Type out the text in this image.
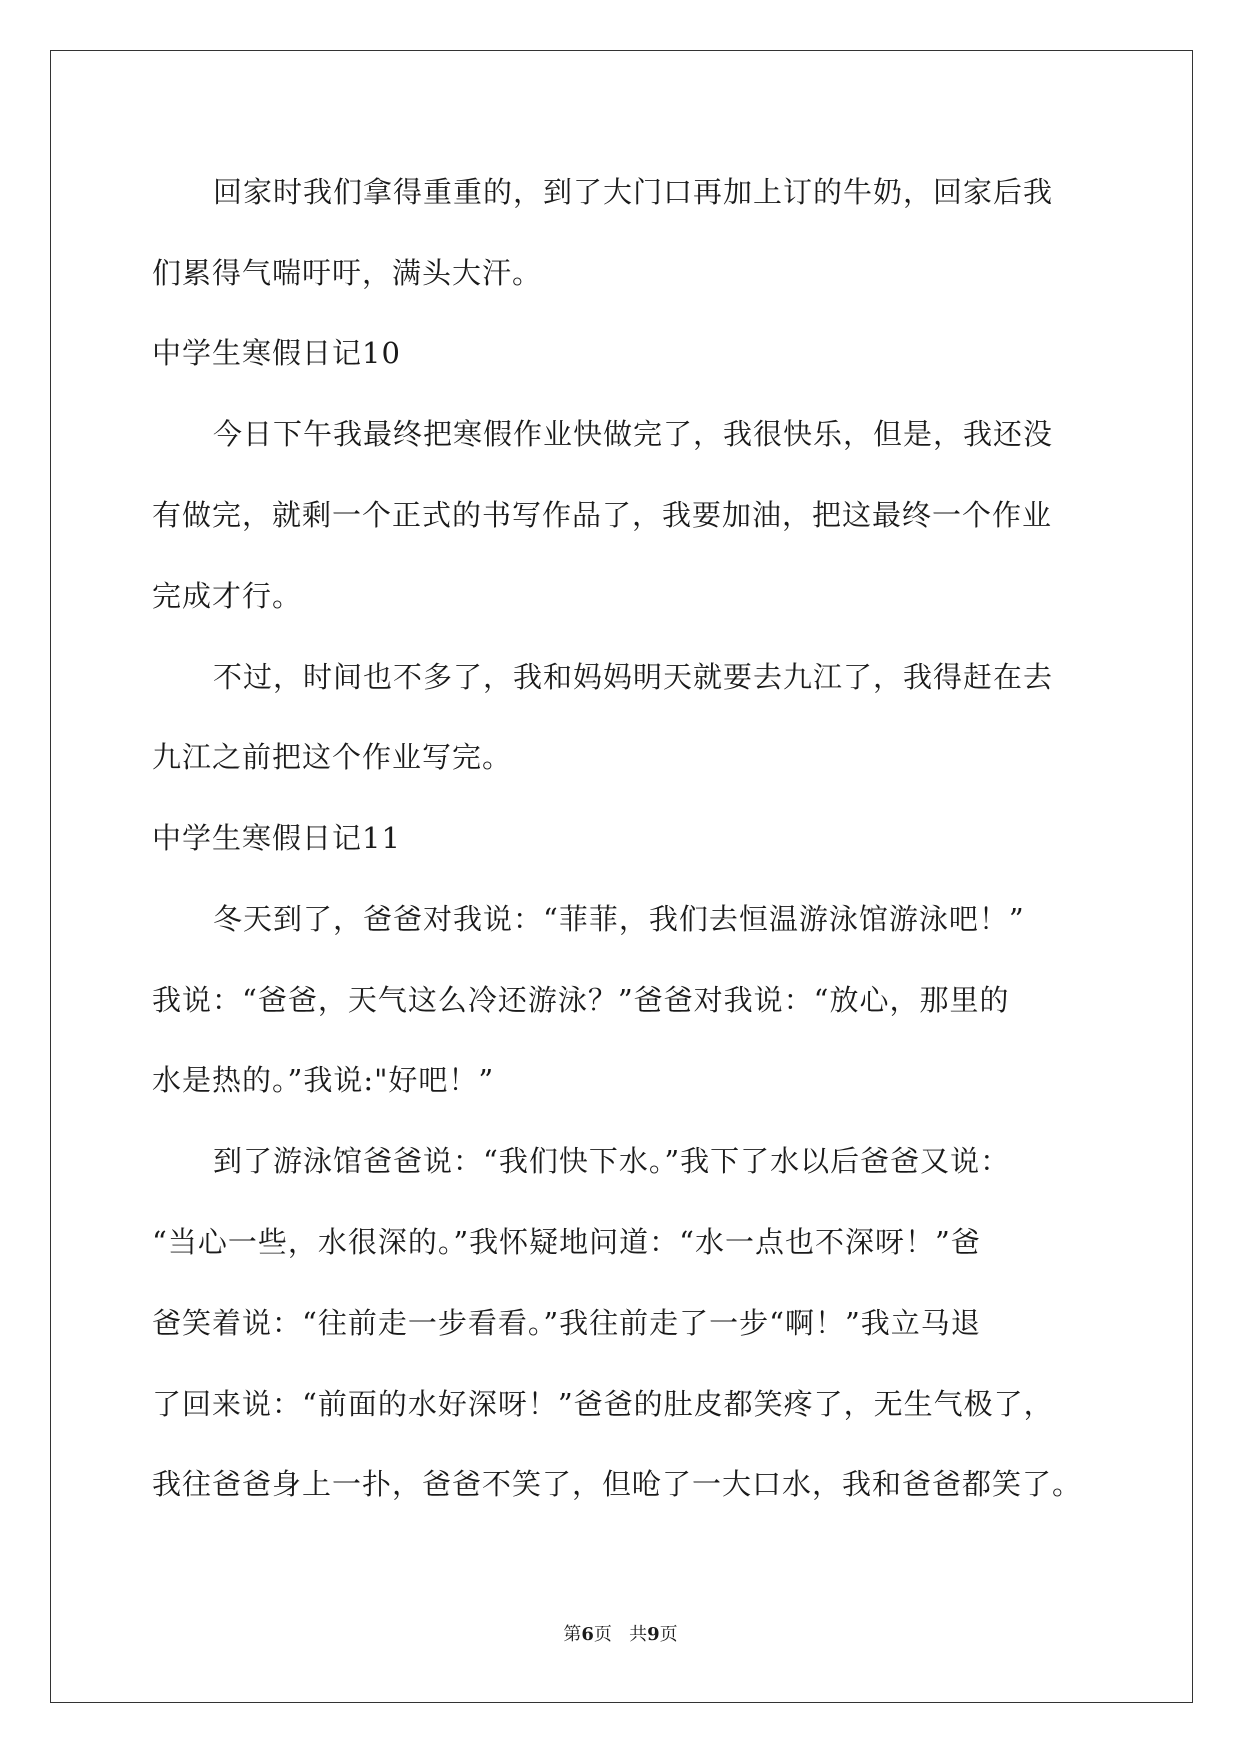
回家时我们拿得重重的，到了大门口再加上订的牛奶，回家后我
们累得气喘吁吁，满头大汗。
中学生寒假日记10
今日下午我最终把寒假作业快做完了，我很快乐，但是，我还没
有做完，就剩一个正式的书写作品了，我要加油，把这最终一个作业
完成才行。
不过，时间也不多了，我和妈妈明天就要去九江了，我得赶在去
九江之前把这个作业写完。
中学生寒假日记11
冬天到了，爸爸对我说：“菲菲，我们去恒温游泳馆游泳吧！”
我说：“爸爸，天气这么冷还游泳？”爸爸对我说：“放心，那里的
水是热的。”我说:"好吧！”
到了游泳馆爸爸说：“我们快下水。”我下了水以后爸爸又说：
“当心一些，水很深的。”我怀疑地问道：“水一点也不深呀！”爸
爸笑着说：“往前走一步看看。”我往前走了一步“啊！”我立马退
了回来说：“前面的水好深呀！”爸爸的肚皮都笑疼了，无生气极了，
我往爸爸身上一扑，爸爸不笑了，但呛了一大口水，我和爸爸都笑了。
第6页 共9页
